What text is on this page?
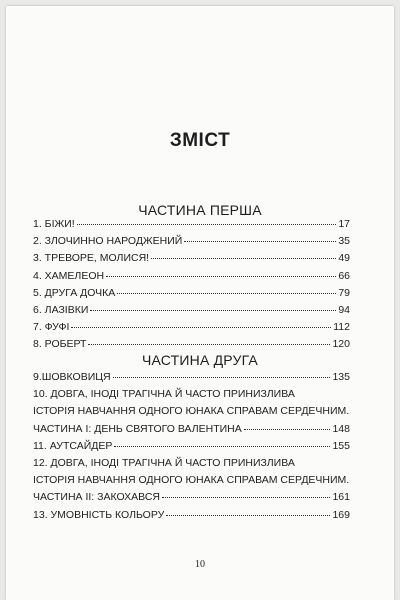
ЗМІСТ
ЧАСТИНА ПЕРША
1. БІЖИ!	17
2. ЗЛОЧИННО НАРОДЖЕНИЙ	35
3. ТРЕВОРЕ, МОЛИСЯ!	49
4. ХАМЕЛЕОН	66
5. ДРУГА ДОЧКА	79
6. ЛАЗІВКИ	94
7. ФУФІ	112
8. РОБЕРТ	120
ЧАСТИНА ДРУГА
9.ШОВКОВИЦЯ	135
10. ДОВГА, ІНОДІ ТРАГІЧНА Й ЧАСТО ПРИНИЗЛИВА
ІСТОРІЯ НАВЧАННЯ ОДНОГО ЮНАКА СПРАВАМ СЕРДЕЧНИМ.
ЧАСТИНА І: ДЕНЬ СВЯТОГО ВАЛЕНТИНА	148
11. АУТСАЙДЕР	155
12. ДОВГА, ІНОДІ ТРАГІЧНА Й ЧАСТО ПРИНИЗЛИВА
ІСТОРІЯ НАВЧАННЯ ОДНОГО ЮНАКА СПРАВАМ СЕРДЕЧНИМ.
ЧАСТИНА ІІ: ЗАКОХАВСЯ	161
13. УМОВНІСТЬ КОЛЬОРУ	169
10
